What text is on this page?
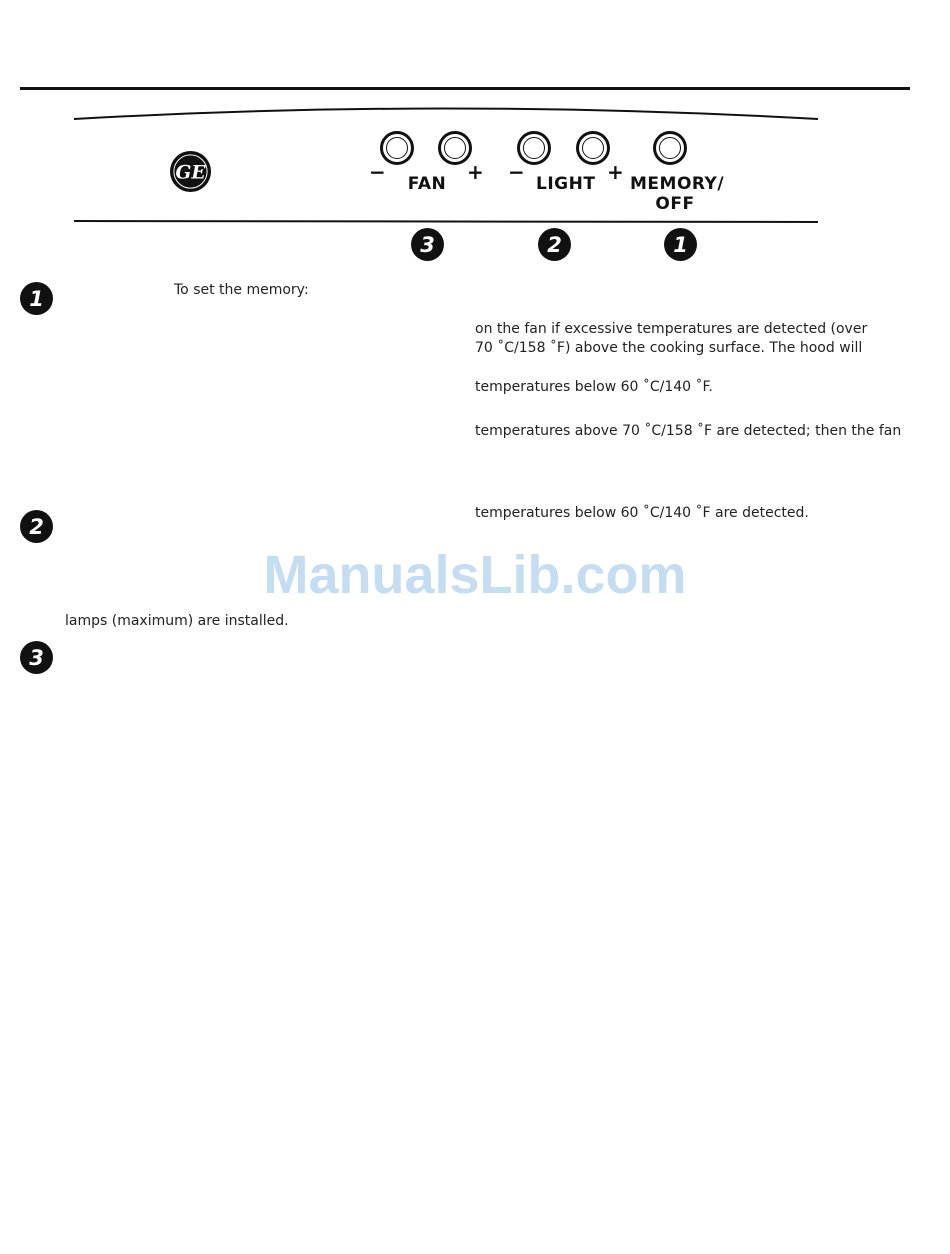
GE	− FAN + − LIGHT + MEMORY/
OFF
3	2	1
1
2
3
To set the memory:
lamps (maximum) are installed.
on the fan if excessive temperatures are detected (over
70 ˚C/158 ˚F) above the cooking surface. The hood will
temperatures below 60 ˚C/140 ˚F.
temperatures above 70 ˚C/158 ˚F are detected; then the fan
temperatures below 60 ˚C/140 ˚F are detected.
ManualsLib.com
